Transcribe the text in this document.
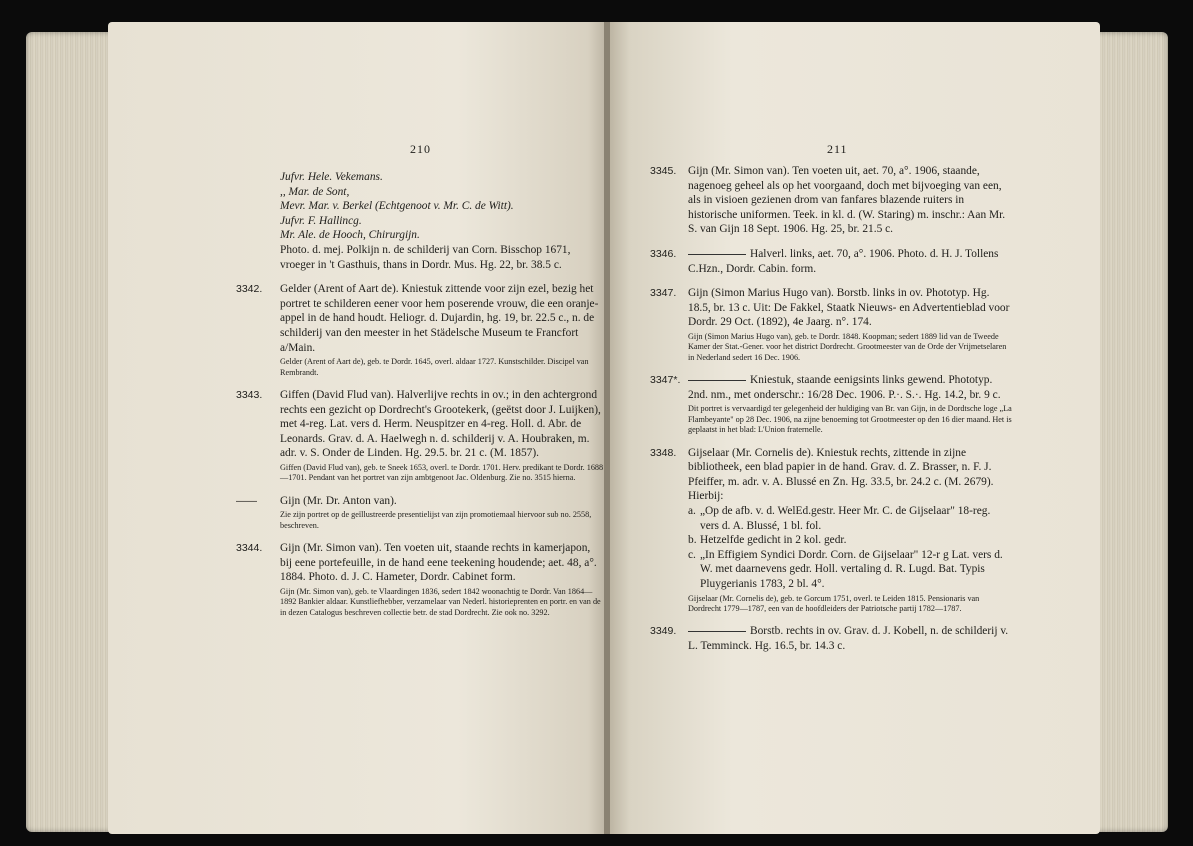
210
Jufvr. Hele. Vekemans.
,, Mar. de Sont,
Mevr. Mar. v. Berkel (Echtgenoot v. Mr. C. de Witt).
Jufvr. F. Hallincg.
Mr. Ale. de Hooch, Chirurgijn.
Photo. d. mej. Polkijn n. de schilderij van Corn. Bisschop 1671, vroeger in 't Gasthuis, thans in Dordr. Mus. Hg. 22, br. 38.5 c.
3342. Gelder (Arent of Aart de). Kniestuk zittende voor zijn ezel, bezig het portret te schilderen eener voor hem poserende vrouw, die een oranje-appel in de hand houdt. Heliogr. d. Dujardin, hg. 19, br. 22.5 c., n. de schilderij van den meester in het Städelsche Museum te Francfort a/Main.
Gelder (Arent of Aart de), geb. te Dordr. 1645, overl. aldaar 1727. Kunstschilder. Discipel van Rembrandt.
3343. Giffen (David Flud van). Halverlijve rechts in ov.; in den achtergrond rechts een gezicht op Dordrecht's Grootekerk, (geëtst door J. Luijken), met 4-reg. Lat. vers d. Herm. Neuspitzer en 4-reg. Holl. d. Abr. de Leonards. Grav. d. A. Haelwegh n. d. schilderij v. A. Houbraken, m. adr. v. S. Onder de Linden. Hg. 29.5. br. 21 c. (M. 1857).
Giffen (David Flud van), geb. te Sneek 1653, overl. te Dordr. 1701. Herv. predikant te Dordr. 1688—1701. Pendant van het portret van zijn ambtgenoot Jac. Oldenburg. Zie no. 3515 hierna.
—— Gijn (Mr. Dr. Anton van).
Zie zijn portret op de geïllustreerde presentielijst van zijn promotiemaal hiervoor sub no. 2558, beschreven.
3344. Gijn (Mr. Simon van). Ten voeten uit, staande rechts in kamerjapon, bij eene portefeuille, in de hand eene teekening houdende; aet. 48, a°. 1884. Photo. d. J. C. Hameter, Dordr. Cabinet form.
Gijn (Mr. Simon van), geb. te Vlaardingen 1836, sedert 1842 woonachtig te Dordr. Van 1864—1892 Bankier aldaar. Kunstliefhebber, verzamelaar van Nederl. historieprenten en portr. en van de in dezen Catalogus beschreven collectie betr. de stad Dordrecht. Zie ook no. 3292.
211
3345. Gijn (Mr. Simon van). Ten voeten uit, aet. 70, a°. 1906, staande, nagenoeg geheel als op het voorgaand, doch met bijvoeging van een, als in visioen gezienen drom van fanfares blazende ruiters in historische uniformen. Teek. in kl. d. (W. Staring) m. inschr.: Aan Mr. S. van Gijn 18 Sept. 1906. Hg. 25, br. 21.5 c.
3346.	Halverl. links, aet. 70, a°. 1906. Photo. d. H. J. Tollens C.Hzn., Dordr. Cabin. form.
3347. Gijn (Simon Marius Hugo van). Borstb. links in ov. Phototyp. Hg. 18.5, br. 13 c. Uit: De Fakkel, Staatk Nieuws- en Advertentieblad voor Dordr. 29 Oct. (1892), 4e Jaarg. n°. 174.
Gijn (Simon Marius Hugo van), geb. te Dordr. 1848. Koopman; sedert 1889 lid van de Tweede Kamer der Stat.-Gener. voor het district Dordrecht. Grootmeester van de Orde der Vrijmetselaren in Nederland sedert 16 Dec. 1906.
3347*.	Kniestuk, staande eenigsints links gewend. Phototyp. 2nd. nm., met onderschr.: 16/28 Dec. 1906. P.·. S.·. Hg. 14.2, br. 9 c.
Dit portret is vervaardigd ter gelegenheid der huldiging van Br. van Gijn, in de Dordtsche loge „La Flambeyante" op 28 Dec. 1906, na zijne benoeming tot Grootmeester op den 16 dier maand. Het is geplaatst in het blad: L'Union fraternelle.
3348. Gijselaar (Mr. Cornelis de). Kniestuk rechts, zittende in zijne bibliotheek, een blad papier in de hand. Grav. d. Z. Brasser, n. F. J. Pfeiffer, m. adr. v. A. Blussé en Zn. Hg. 33.5, br. 24.2 c. (M. 2679). Hierbij:
a. „Op de afb. v. d. WelEd.gestr. Heer Mr. C. de Gijselaar" 18-reg. vers d. A. Blussé, 1 bl. fol.
b. Hetzelfde gedicht in 2 kol. gedr.
c. „In Effigiem Syndici Dordr. Corn. de Gijselaar" 12-r g Lat. vers d. W. met daarnevens gedr. Holl. vertaling d. R. Lugd. Bat. Typis Pluygerianis 1783, 2 bl. 4°.
Gijselaar (Mr. Cornelis de), geb. te Gorcum 1751, overl. te Leiden 1815. Pensionaris van Dordrecht 1779—1787, een van de hoofdleiders der Patriotsche partij 1782—1787.
3349.	Borstb. rechts in ov. Grav. d. J. Kobell, n. de schilderij v. L. Temminck. Hg. 16.5, br. 14.3 c.
